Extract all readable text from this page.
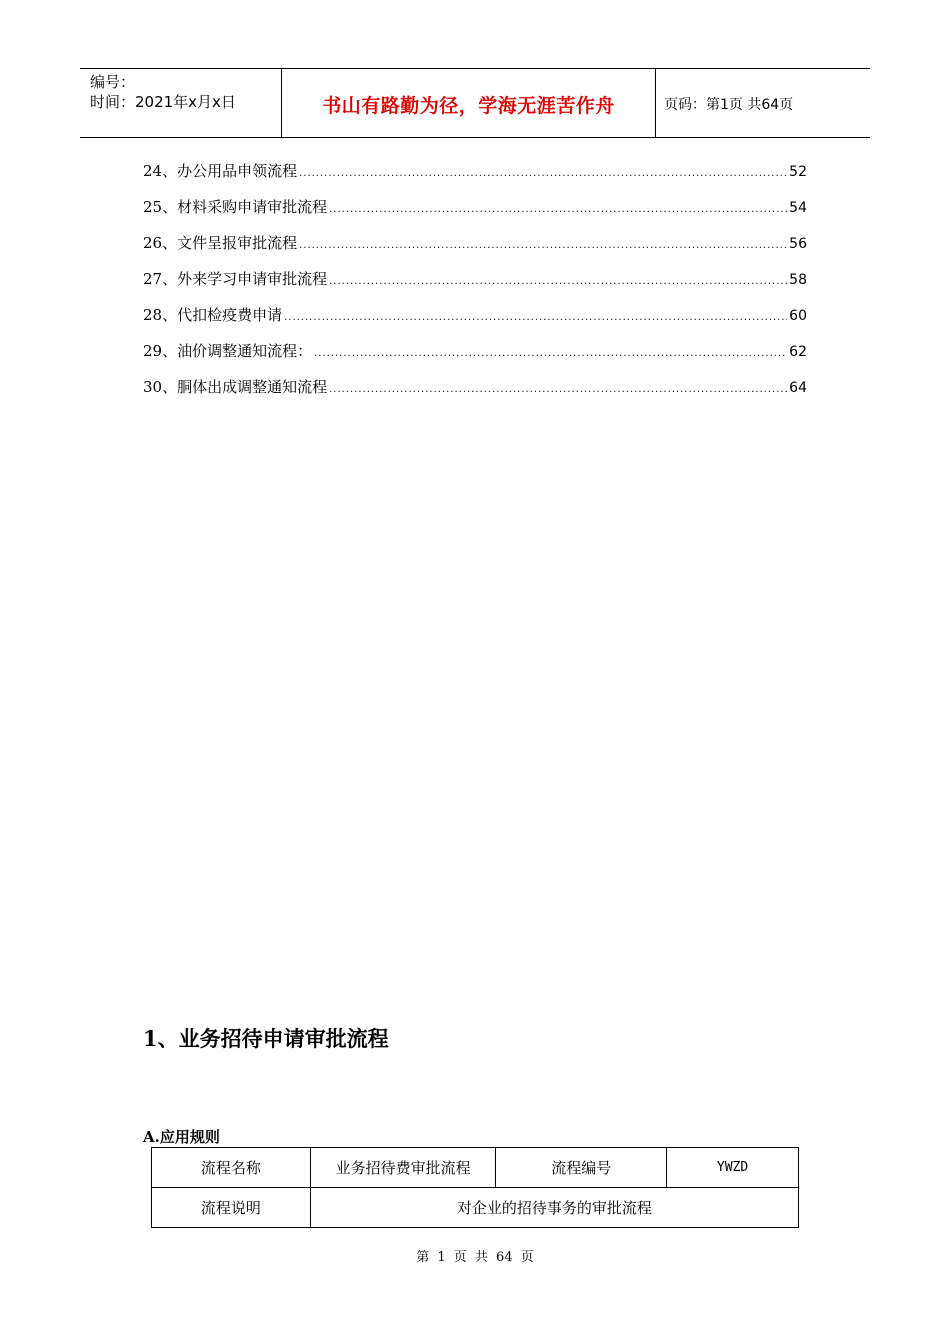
编号：
时间：2021年x月x日	书山有路勤为径，学海无涯苦作舟	页码：第1页 共64页
24、办公用品申领流程 .....	52
25、材料采购申请审批流程 .....	54
26、文件呈报审批流程 .....	56
27、外来学习申请审批流程 .....	58
28、代扣检疫费申请 .....	60
29、油价调整通知流程： .....	62
30、胴体出成调整通知流程 .....	64
1、业务招待申请审批流程
A.应用规则
流程名称	业务招待费审批流程	流程编号	YWZD
流程说明	对企业的招待事务的审批流程		
第 1 页 共 64 页
